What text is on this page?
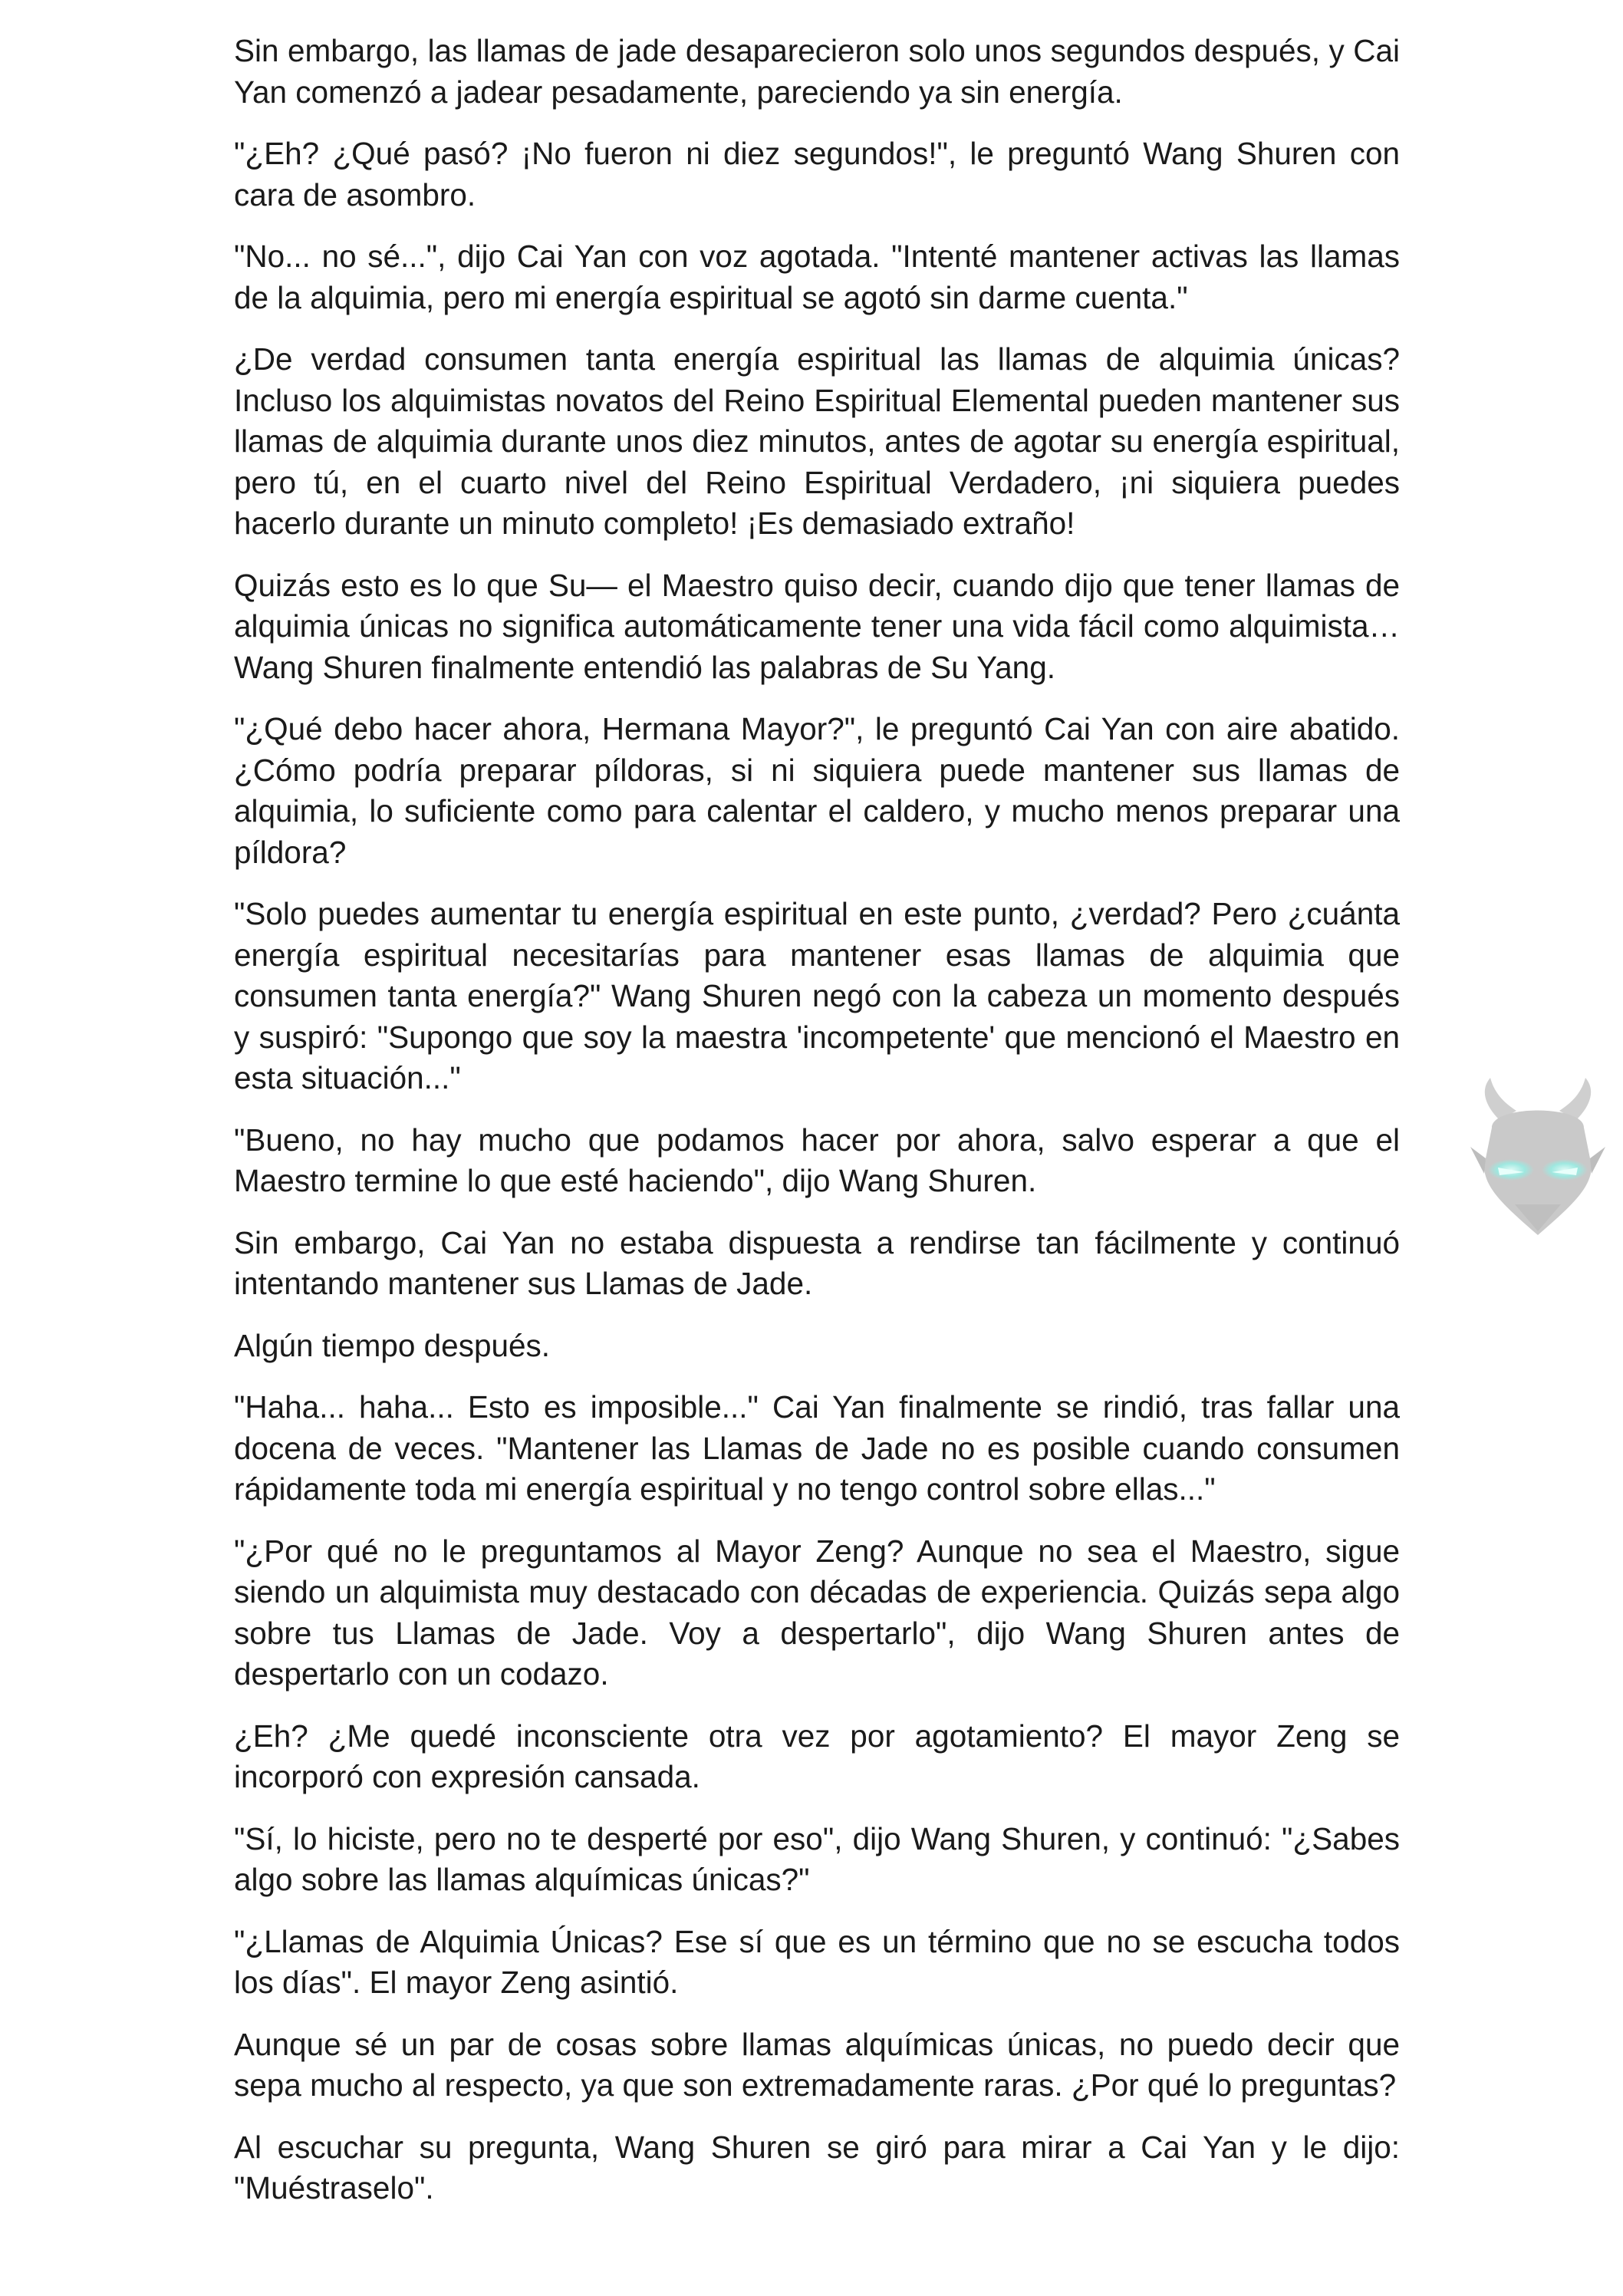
Sin embargo, las llamas de jade desaparecieron solo unos segundos después, y Cai Yan comenzó a jadear pesadamente, pareciendo ya sin energía.

"¿Eh? ¿Qué pasó? ¡No fueron ni diez segundos!", le preguntó Wang Shuren con cara de asombro.

"No... no sé...", dijo Cai Yan con voz agotada. "Intenté mantener activas las llamas de la alquimia, pero mi energía espiritual se agotó sin darme cuenta."

¿De verdad consumen tanta energía espiritual las llamas de alquimia únicas? Incluso los alquimistas novatos del Reino Espiritual Elemental pueden mantener sus llamas de alquimia durante unos diez minutos, antes de agotar su energía espiritual, pero tú, en el cuarto nivel del Reino Espiritual Verdadero, ¡ni siquiera puedes hacerlo durante un minuto completo! ¡Es demasiado extraño!

Quizás esto es lo que Su— el Maestro quiso decir, cuando dijo que tener llamas de alquimia únicas no significa automáticamente tener una vida fácil como alquimista… Wang Shuren finalmente entendió las palabras de Su Yang.

"¿Qué debo hacer ahora, Hermana Mayor?", le preguntó Cai Yan con aire abatido. ¿Cómo podría preparar píldoras, si ni siquiera puede mantener sus llamas de alquimia, lo suficiente como para calentar el caldero, y mucho menos preparar una píldora?

"Solo puedes aumentar tu energía espiritual en este punto, ¿verdad? Pero ¿cuánta energía espiritual necesitarías para mantener esas llamas de alquimia que consumen tanta energía?" Wang Shuren negó con la cabeza un momento después y suspiró: "Supongo que soy la maestra 'incompetente' que mencionó el Maestro en esta situación..."

"Bueno, no hay mucho que podamos hacer por ahora, salvo esperar a que el Maestro termine lo que esté haciendo", dijo Wang Shuren.

Sin embargo, Cai Yan no estaba dispuesta a rendirse tan fácilmente y continuó intentando mantener sus Llamas de Jade.

Algún tiempo después.

"Haha... haha... Esto es imposible..." Cai Yan finalmente se rindió, tras fallar una docena de veces. "Mantener las Llamas de Jade no es posible cuando consumen rápidamente toda mi energía espiritual y no tengo control sobre ellas..."

"¿Por qué no le preguntamos al Mayor Zeng? Aunque no sea el Maestro, sigue siendo un alquimista muy destacado con décadas de experiencia. Quizás sepa algo sobre tus Llamas de Jade. Voy a despertarlo", dijo Wang Shuren antes de despertarlo con un codazo.

¿Eh? ¿Me quedé inconsciente otra vez por agotamiento? El mayor Zeng se incorporó con expresión cansada.

"Sí, lo hiciste, pero no te desperté por eso", dijo Wang Shuren, y continuó: "¿Sabes algo sobre las llamas alquímicas únicas?"

"¿Llamas de Alquimia Únicas? Ese sí que es un término que no se escucha todos los días". El mayor Zeng asintió.

Aunque sé un par de cosas sobre llamas alquímicas únicas, no puedo decir que sepa mucho al respecto, ya que son extremadamente raras. ¿Por qué lo preguntas?

Al escuchar su pregunta, Wang Shuren se giró para mirar a Cai Yan y le dijo: "Muéstraselo".
